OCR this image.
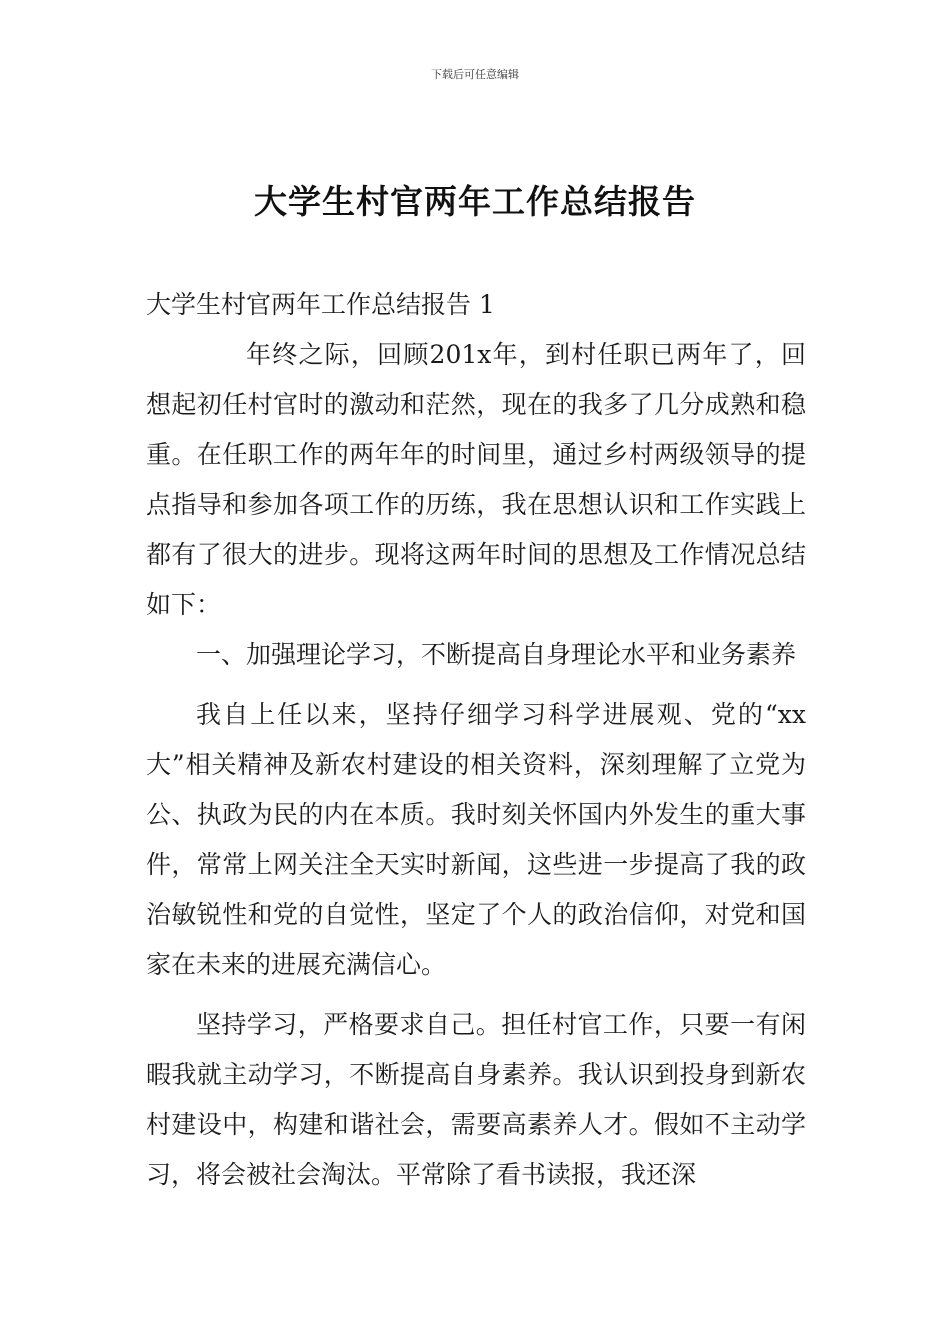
下载后可任意编辑
大学生村官两年工作总结报告

大学生村官两年工作总结报告 1

年终之际，回顾201x年，到村任职已两年了，回想起初任村官时的激动和茫然，现在的我多了几分成熟和稳重。在任职工作的两年年的时间里，通过乡村两级领导的提点指导和参加各项工作的历练，我在思想认识和工作实践上都有了很大的进步。现将这两年时间的思想及工作情况总结如下：

一、加强理论学习，不断提高自身理论水平和业务素养

我自上任以来，坚持仔细学习科学进展观、党的“xx大”相关精神及新农村建设的相关资料，深刻理解了立党为公、执政为民的内在本质。我时刻关怀国内外发生的重大事件，常常上网关注全天实时新闻，这些进一步提高了我的政治敏锐性和党的自觉性，坚定了个人的政治信仰，对党和国家在未来的进展充满信心。

坚持学习，严格要求自己。担任村官工作，只要一有闲暇我就主动学习，不断提高自身素养。我认识到投身到新农村建设中，构建和谐社会，需要高素养人才。假如不主动学习，将会被社会淘汰。平常除了看书读报，我还深
